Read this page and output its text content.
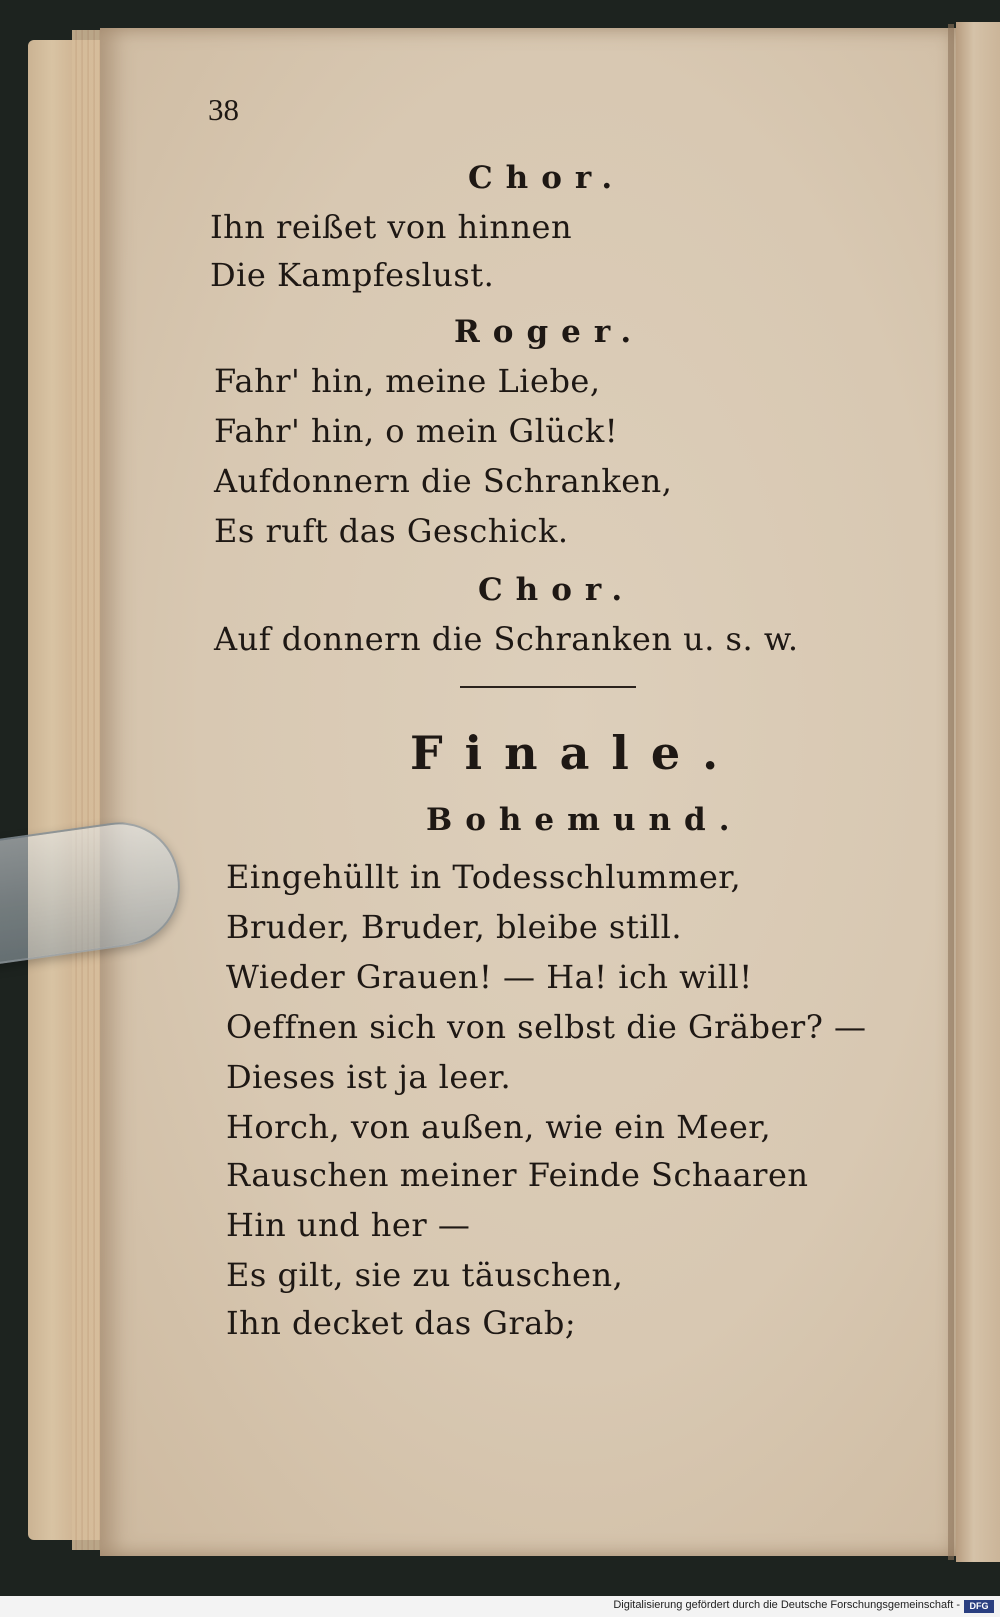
38
Chor.
Ihn reißet von hinnen
Die Kampfeslust.
Roger.
Fahr' hin, meine Liebe,
Fahr' hin, o mein Glück!
Aufdonnern die Schranken,
Es ruft das Geschick.
Chor.
Auf donnern die Schranken u. s. w.
Finale.
Bohemund.
Eingehüllt in Todesschlummer,
Bruder, Bruder, bleibe still.
Wieder Grauen! — Ha! ich will!
Oeffnen sich von selbst die Gräber? —
Dieses ist ja leer.
Horch, von außen, wie ein Meer,
Rauschen meiner Feinde Schaaren
Hin und her —
Es gilt, sie zu täuschen,
Ihn decket das Grab;
Digitalisierung gefördert durch die Deutsche Forschungsgemeinschaft -	DFG
